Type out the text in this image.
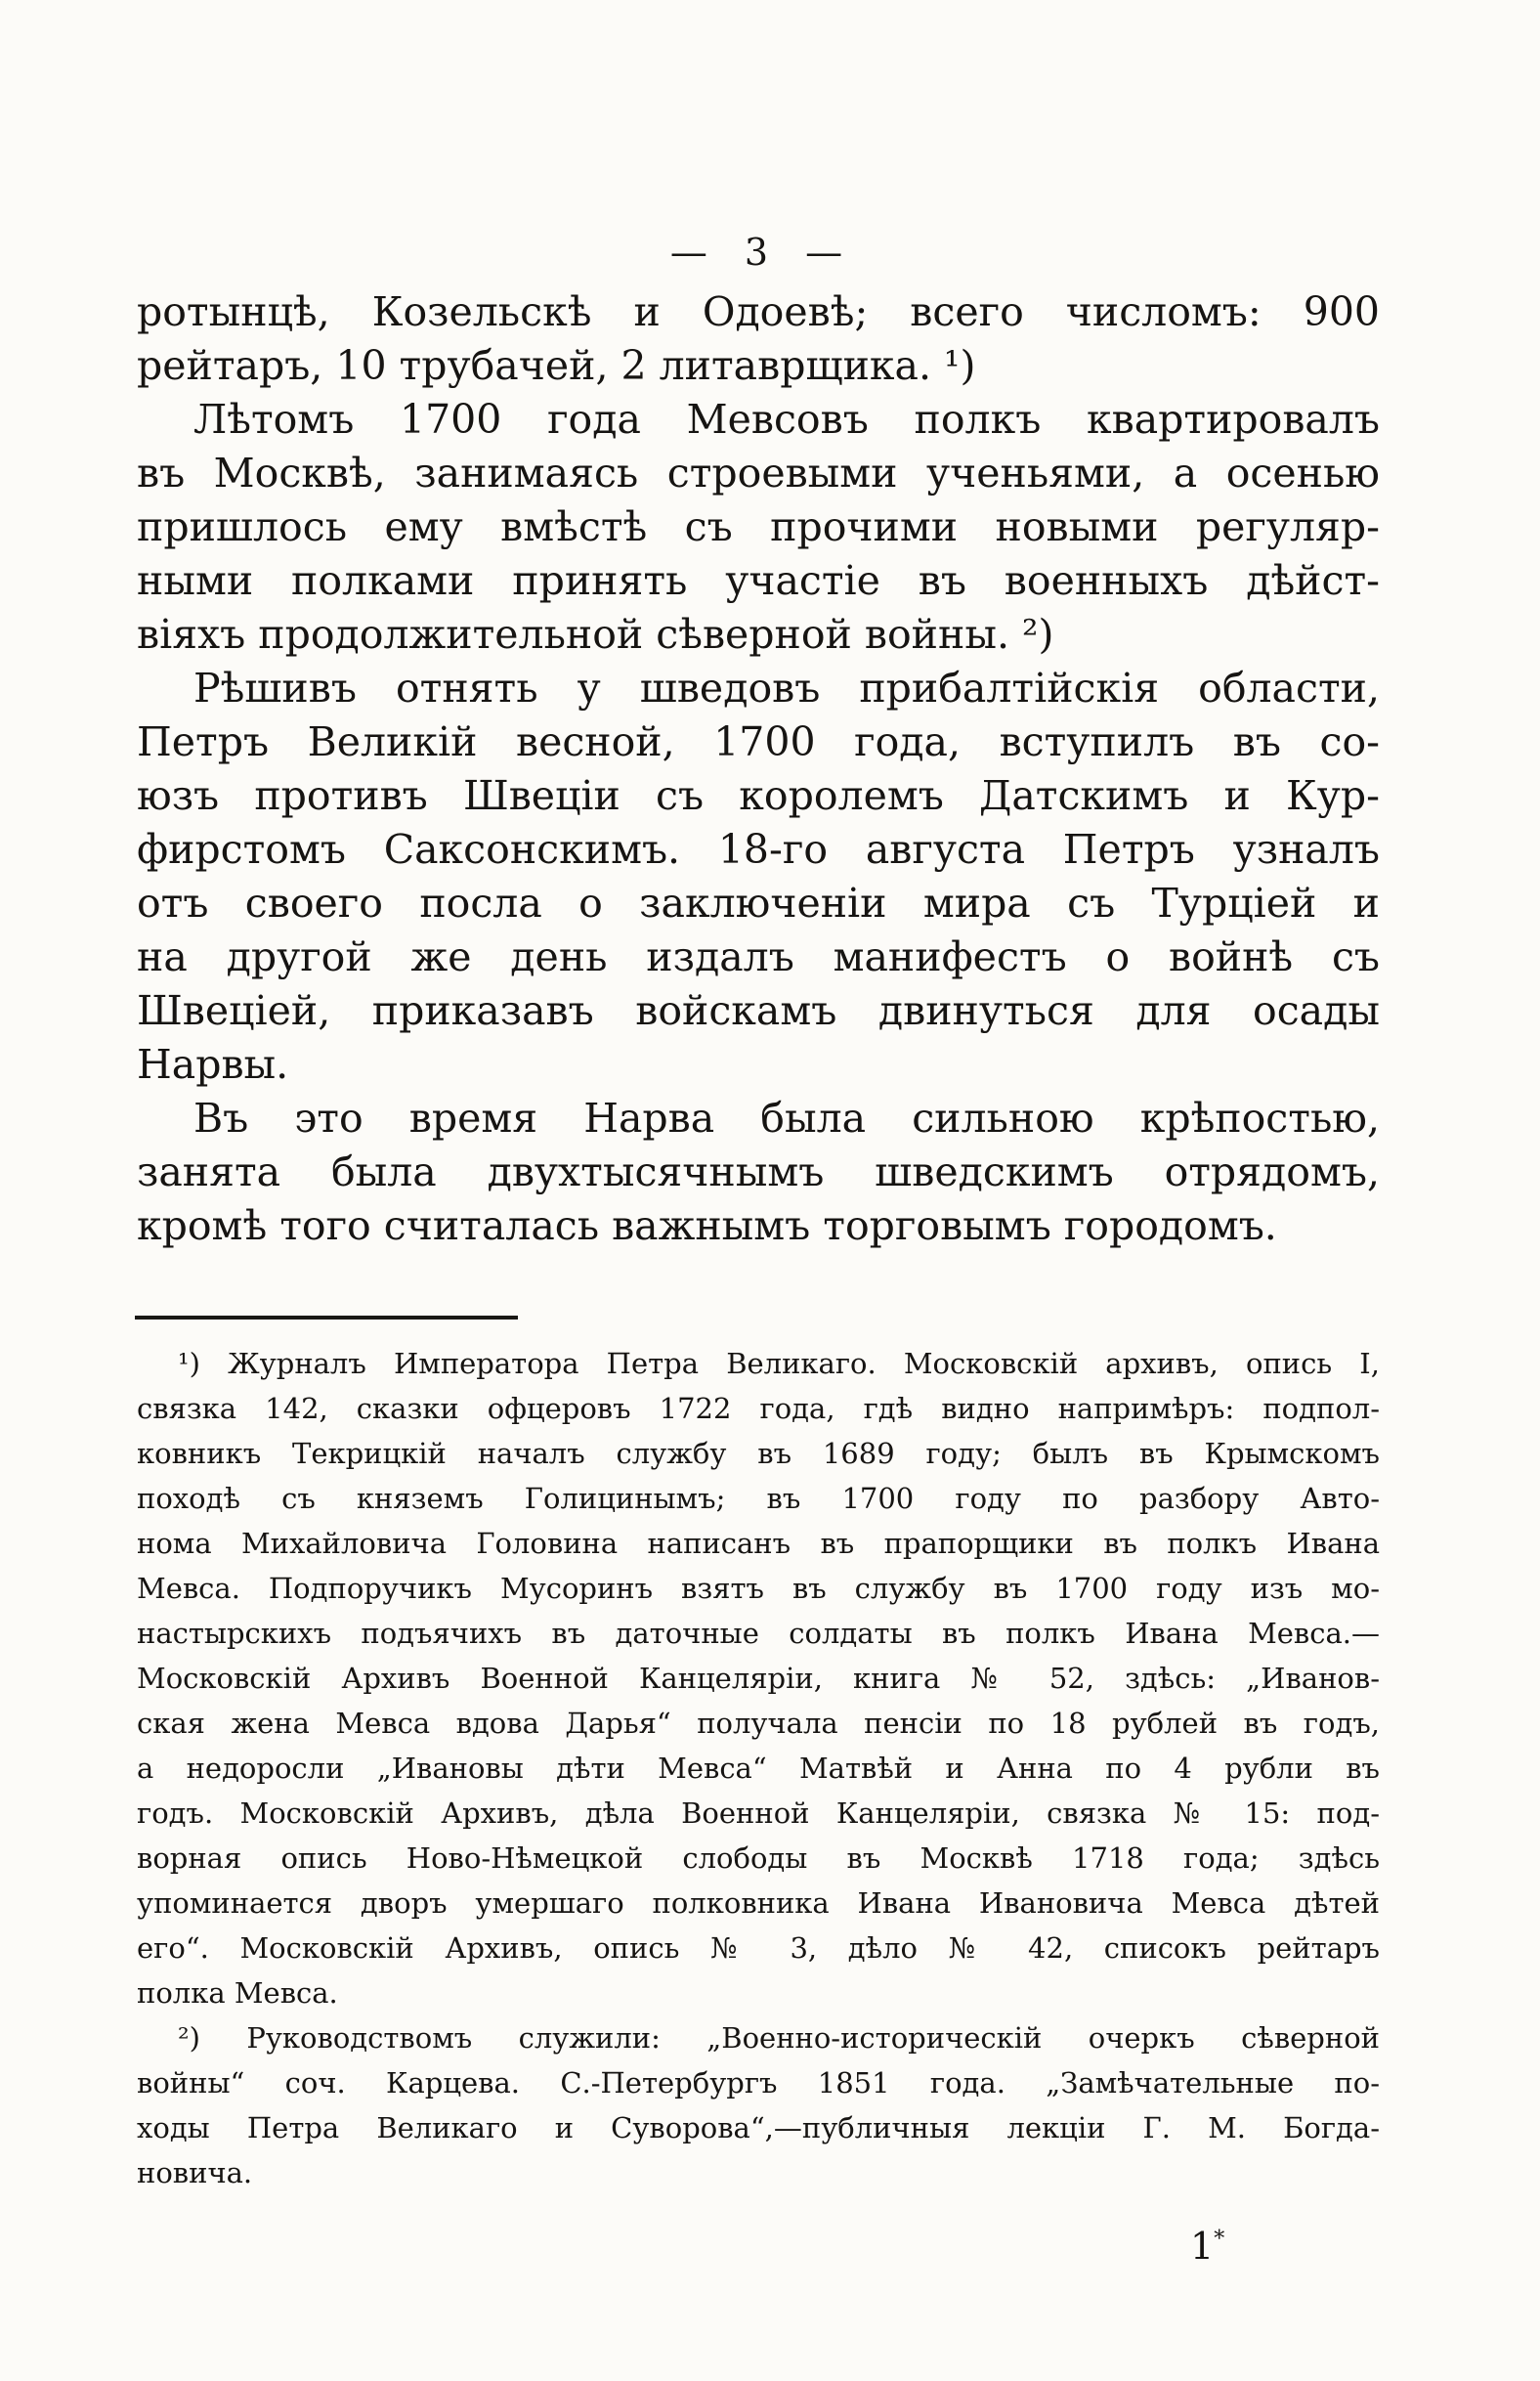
— 3 —
ротынцѣ, Козельскѣ и Одоевѣ; всего числомъ: 900
рейтаръ, 10 трубачей, 2 литаврщика. ¹)
Лѣтомъ 1700 года Мевсовъ полкъ квартировалъ
въ Москвѣ, занимаясь строевыми ученьями, а осенью
пришлось ему вмѣстѣ съ прочими новыми регуляр-
ными полками принять участіе въ военныхъ дѣйст-
віяхъ продолжительной сѣверной войны. ²)
Рѣшивъ отнять у шведовъ прибалтійскія области,
Петръ Великій весной, 1700 года, вступилъ въ со-
юзъ противъ Швеціи съ королемъ Датскимъ и Кур-
фирстомъ Саксонскимъ. 18-го августа Петръ узналъ
отъ своего посла о заключеніи мира съ Турціей и
на другой же день издалъ манифестъ о войнѣ съ
Швеціей, приказавъ войскамъ двинуться для осады
Нарвы.
Въ это время Нарва была сильною крѣпостью,
занята была двухтысячнымъ шведскимъ отрядомъ,
кромѣ того считалась важнымъ торговымъ городомъ.
¹) Журналъ Императора Петра Великаго. Московскій архивъ, опись I,
связка 142, сказки офцеровъ 1722 года, гдѣ видно напримѣръ: подпол-
ковникъ Текрицкій началъ службу въ 1689 году; былъ въ Крымскомъ
походѣ съ княземъ Голицинымъ; въ 1700 году по разбору Авто-
нома Михайловича Головина написанъ въ прапорщики въ полкъ Ивана
Мевса. Подпоручикъ Мусоринъ взятъ въ службу въ 1700 году изъ мо-
настырскихъ подъячихъ въ даточные солдаты въ полкъ Ивана Мевса.—
Московскій Архивъ Военной Канцеляріи, книга № 52, здѣсь: „Иванов-
ская жена Мевса вдова Дарья“ получала пенсіи по 18 рублей въ годъ,
а недоросли „Ивановы дѣти Мевса“ Матвѣй и Анна по 4 рубли въ
годъ. Московскій Архивъ, дѣла Военной Канцеляріи, связка № 15: под-
ворная опись Ново-Нѣмецкой слободы въ Москвѣ 1718 года; здѣсь
упоминается дворъ умершаго полковника Ивана Ивановича Мевса дѣтей
его“. Московскій Архивъ, опись № 3, дѣло № 42, списокъ рейтаръ
полка Мевса.
²) Руководствомъ служили: „Военно-историческій очеркъ сѣверной
войны“ соч. Карцева. С.-Петербургъ 1851 года. „Замѣчательные по-
ходы Петра Великаго и Суворова“,—публичныя лекціи Г. М. Богда-
новича.
1*
